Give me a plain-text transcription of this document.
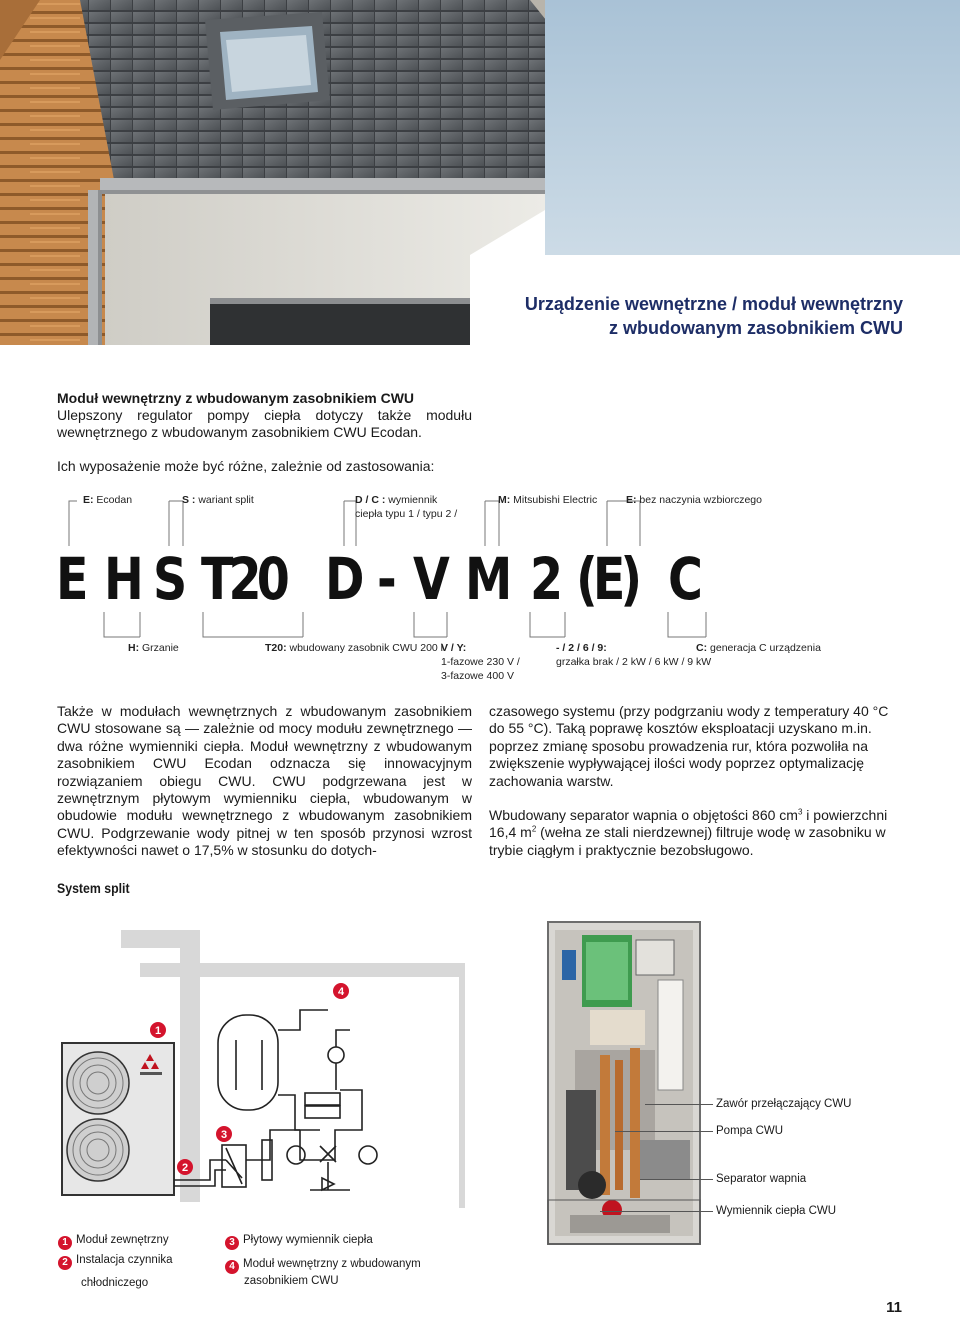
Urządzenie wewnętrzne / moduł wewnętrzny
z wbudowanym zasobnikiem CWU
Moduł wewnętrzny z wbudowanym zasobnikiem CWU
Ulepszony regulator pompy ciepła dotyczy także modułu
wewnętrznego z wbudowanym zasobnikiem CWU Ecodan.
Ich wyposażenie może być różne, zależnie od zastosowania:
E: Ecodan	S : wariant split	D / C : wymiennik
ciepła typu 1 / typu 2 /
M: Mitsubishi Electric	E: bez naczynia wzbiorczego
E H S T20 D - V M 2 (E) C
H: Grzanie	T20: wbudowany zasobnik CWU 200 l
V / Y:
1-fazowe 230 V /
3-fazowe 400 V
- / 2 / 6 / 9:
grzałka brak / 2 kW / 6 kW / 9 kW
C: generacja C urządzenia

Także w modułach wewnętrznych z wbudowanym zasobnikiem CWU stosowane są — zależnie od mocy modułu zewnętrznego — dwa różne wymienniki ciepła. Moduł wewnętrzny z wbudowanym zasobnikiem CWU Ecodan odznacza się innowacyjnym rozwiązaniem obiegu CWU. CWU podgrzewana jest w zewnętrznym płytowym wymienniku ciepła, wbudowanym w obudowie modułu wewnętrznego z wbudowanym zasobnikiem CWU. Podgrzewanie wody pitnej w ten sposób przynosi wzrost efektywności nawet o 17,5% w stosunku do dotych-

czasowego systemu (przy podgrzaniu wody z temperatury 40 °C do 55 °C). Taką poprawę kosztów eksploatacji uzyskano m.in. poprzez zmianę sposobu prowadzenia rur, która pozwoliła na zwiększenie wypływającej ilości wody poprzez optymalizację zachowania warstw.

Wbudowany separator wapnia o objętości 860 $cm^3$ i powierzchni 16,4 $m^2$ (wełna ze stali nierdzewnej) filtruje wodę w zasobniku w trybie ciągłym i praktycznie bezobsługowo.

System split
1
2
3
4
Zawór przełączający CWU
Pompa CWU
Separator wapnia
Wymiennik ciepła CWU
1 Moduł zewnętrzny
2 Instalacja czynnika
chłodniczego
3 Płytowy wymiennik ciepła
4 Moduł wewnętrzny z wbudowanym
zasobnikiem CWU
11
